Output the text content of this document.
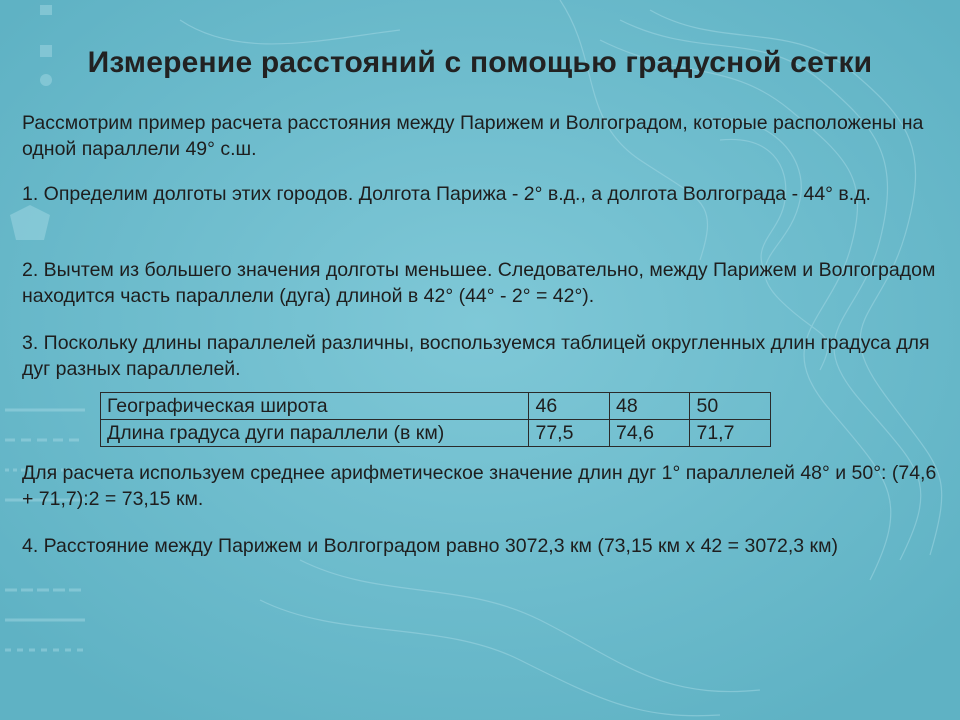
Измерение расстояний с помощью градусной сетки
Рассмотрим пример расчета расстояния между Парижем и Волгоградом, которые расположены на одной параллели 49° с.ш.
1. Определим долготы этих городов. Долгота Парижа - 2° в.д., а долгота Волгограда - 44° в.д.
2. Вычтем из большего значения долготы меньшее. Следовательно, между Парижем и Волгоградом находится часть параллели (дуга) длиной в 42° (44° - 2° = 42°).
3. Поскольку длины параллелей различны, воспользуемся таблицей округленных длин градуса для дуг разных параллелей.
Географическая широта	46	48	50
Длина градуса дуги параллели (в км)	77,5	74,6	71,7
Для расчета используем среднее арифметическое значение длин дуг 1° параллелей 48° и 50°: (74,6 + 71,7):2 = 73,15 км.
4. Расстояние между Парижем и Волгоградом равно 3072,3 км (73,15 км х 42 = 3072,3 км)
